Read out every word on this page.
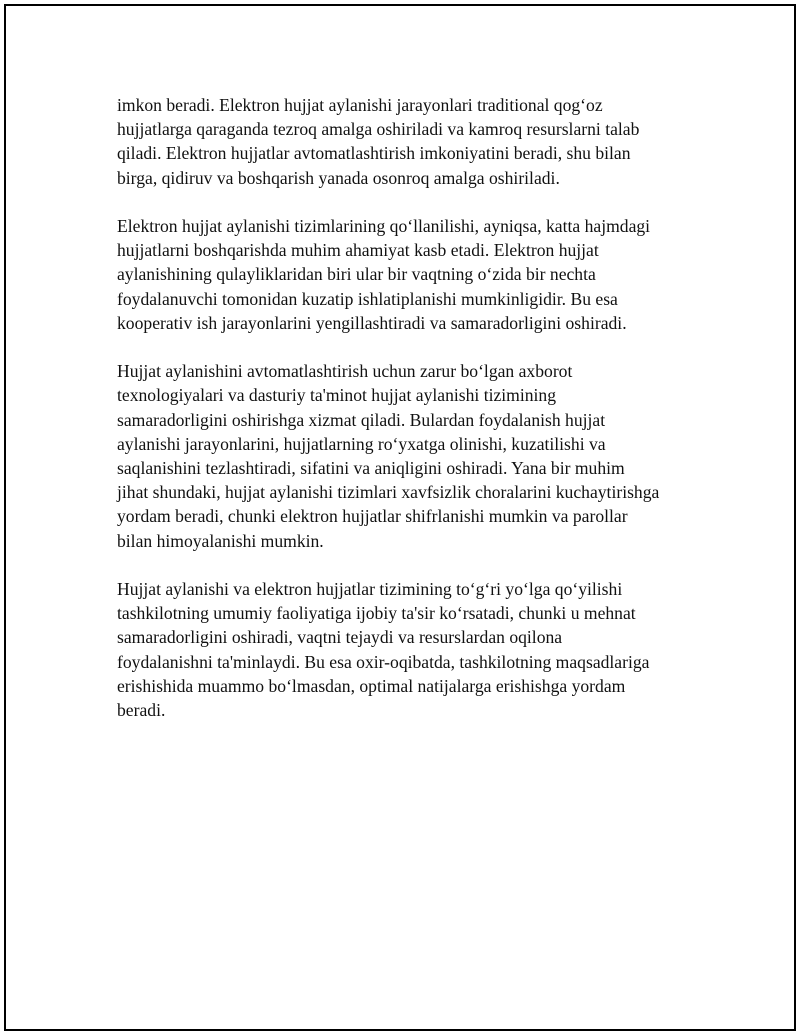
imkon beradi. Elektron hujjat aylanishi jarayonlari traditional qogʻoz
hujjatlarga qaraganda tezroq amalga oshiriladi va kamroq resurslarni talab
qiladi. Elektron hujjatlar avtomatlashtirish imkoniyatini beradi, shu bilan
birga, qidiruv va boshqarish yanada osonroq amalga oshiriladi.

Elektron hujjat aylanishi tizimlarining qoʻllanilishi, ayniqsa, katta hajmdagi
hujjatlarni boshqarishda muhim ahamiyat kasb etadi. Elektron hujjat
aylanishining qulayliklaridan biri ular bir vaqtning oʻzida bir nechta
foydalanuvchi tomonidan kuzatip ishlatiplanishi mumkinligidir. Bu esa
kooperativ ish jarayonlarini yengillashtiradi va samaradorligini oshiradi.

Hujjat aylanishini avtomatlashtirish uchun zarur boʻlgan axborot
texnologiyalari va dasturiy ta'minot hujjat aylanishi tizimining
samaradorligini oshirishga xizmat qiladi. Bulardan foydalanish hujjat
aylanishi jarayonlarini, hujjatlarning roʻyxatga olinishi, kuzatilishi va
saqlanishini tezlashtiradi, sifatini va aniqligini oshiradi. Yana bir muhim
jihat shundaki, hujjat aylanishi tizimlari xavfsizlik choralarini kuchaytirishga
yordam beradi, chunki elektron hujjatlar shifrlanishi mumkin va parollar
bilan himoyalanishi mumkin.

Hujjat aylanishi va elektron hujjatlar tizimining toʻgʻri yoʻlga qoʻyilishi
tashkilotning umumiy faoliyatiga ijobiy ta'sir koʻrsatadi, chunki u mehnat
samaradorligini oshiradi, vaqtni tejaydi va resurslardan oqilona
foydalanishni ta'minlaydi. Bu esa oxir-oqibatda, tashkilotning maqsadlariga
erishishida muammo boʻlmasdan, optimal natijalarga erishishga yordam
beradi.
